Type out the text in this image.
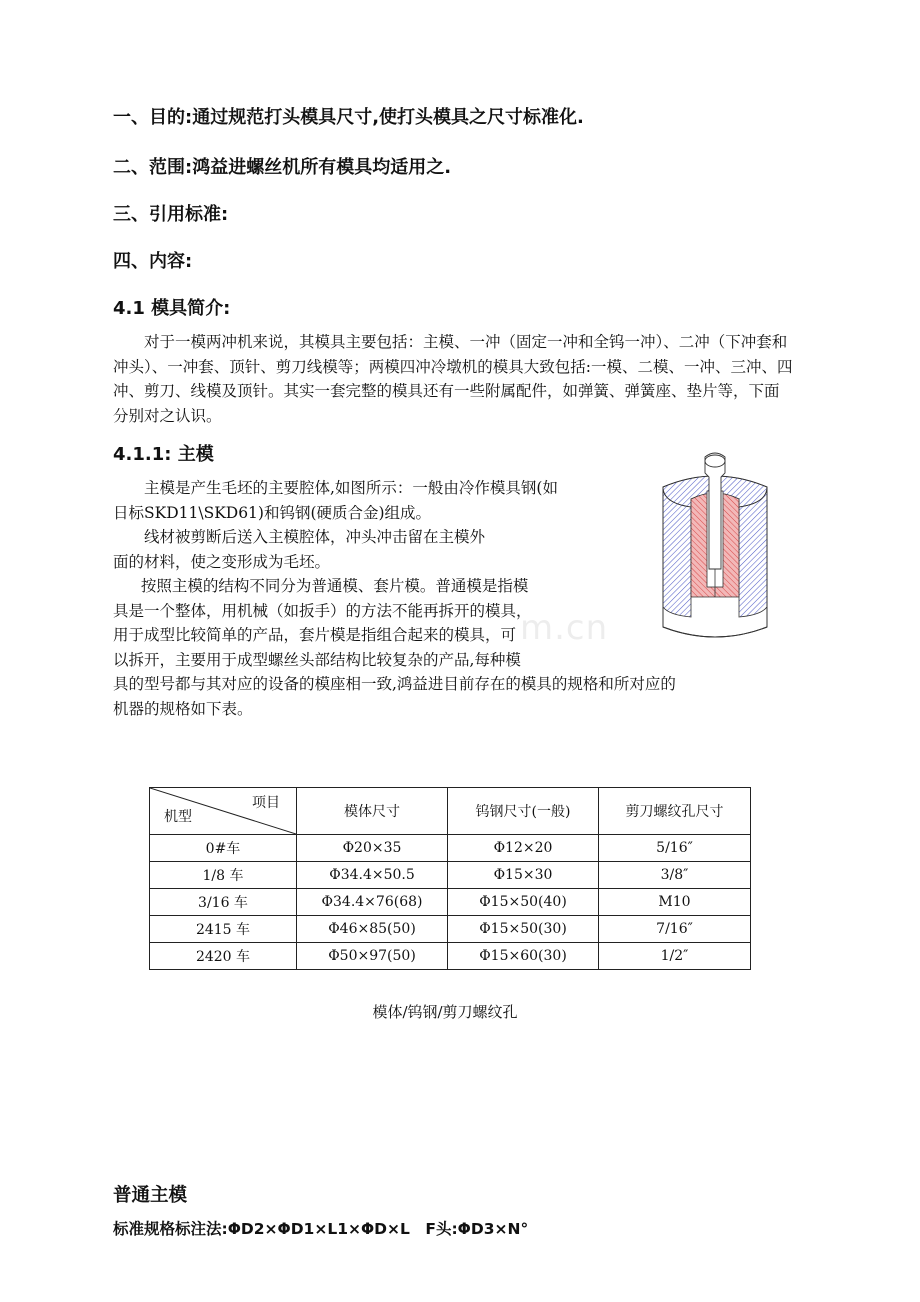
一、目的:通过规范打头模具尺寸,使打头模具之尺寸标准化.
二、范围:鸿益进螺丝机所有模具均适用之.
三、引用标准:
四、内容:
4.1 模具简介:
对于一模两冲机来说，其模具主要包括：主模、一冲（固定一冲和全钨一冲）、二冲（下冲套和冲头）、一冲套、顶针、剪刀线模等；两模四冲冷墩机的模具大致包括:一模、二模、一冲、三冲、四冲、剪刀、线模及顶针。其实一套完整的模具还有一些附属配件，如弹簧、弹簧座、垫片等，下面分别对之认识。
4.1.1: 主模
主模是产生毛坯的主要腔体,如图所示：一般由冷作模具钢(如
日标SKD11\SKD61)和钨钢(硬质合金)组成。
线材被剪断后送入主模腔体，冲头冲击留在主模外
面的材料，使之变形成为毛坯。
按照主模的结构不同分为普通模、套片模。普通模是指模
具是一个整体，用机械（如扳手）的方法不能再拆开的模具，
用于成型比较简单的产品，套片模是指组合起来的模具，可
以拆开，主要用于成型螺丝头部结构比较复杂的产品,每种模
具的型号都与其对应的设备的模座相一致,鸿益进目前存在的模具的规格和所对应的
机器的规格如下表。
m.cn
项目
机型	模体尺寸	钨钢尺寸(一般)	剪刀螺纹孔尺寸
0#车	Φ20×35	Φ12×20	5/16″
1/8 车	Φ34.4×50.5	Φ15×30	3/8″
3/16 车	Φ34.4×76(68)	Φ15×50(40)	M10
2415 车	Φ46×85(50)	Φ15×50(30)	7/16″
2420 车	Φ50×97(50)	Φ15×60(30)	1/2″
模体/钨钢/剪刀螺纹孔
普通主模
标准规格标注法:ΦD2×ΦD1×L1×ΦD×L　F头:ΦD3×N°
